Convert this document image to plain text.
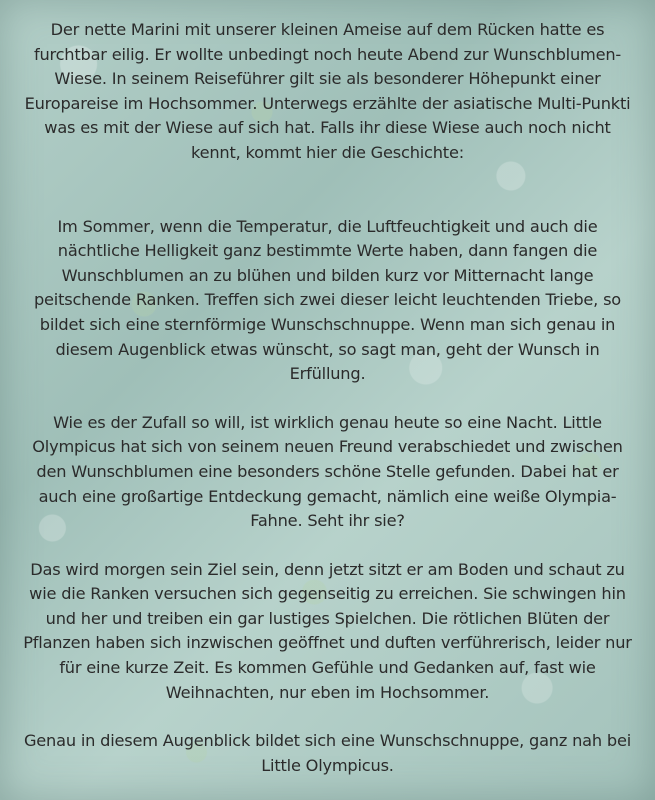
Der nette Marini mit unserer kleinen Ameise auf dem Rücken hatte es furchtbar eilig. Er wollte unbedingt noch heute Abend zur Wunschblumen-Wiese. In seinem Reiseführer gilt sie als besonderer Höhepunkt einer Europareise im Hochsommer. Unterwegs erzählte der asiatische Multi-Punkti was es mit der Wiese auf sich hat. Falls ihr diese Wiese auch noch nicht kennt, kommt hier die Geschichte:

Im Sommer, wenn die Temperatur, die Luftfeuchtigkeit und auch die nächtliche Helligkeit ganz bestimmte Werte haben, dann fangen die Wunschblumen an zu blühen und bilden kurz vor Mitternacht lange peitschende Ranken. Treffen sich zwei dieser leicht leuchtenden Triebe, so bildet sich eine sternförmige Wunschschnuppe. Wenn man sich genau in diesem Augenblick etwas wünscht, so sagt man, geht der Wunsch in Erfüllung.

Wie es der Zufall so will, ist wirklich genau heute so eine Nacht. Little Olympicus hat sich von seinem neuen Freund verabschiedet und zwischen den Wunschblumen eine besonders schöne Stelle gefunden. Dabei hat er auch eine großartige Entdeckung gemacht, nämlich eine weiße Olympia-Fahne. Seht ihr sie?

Das wird morgen sein Ziel sein, denn jetzt sitzt er am Boden und schaut zu wie die Ranken versuchen sich gegenseitig zu erreichen. Sie schwingen hin und her und treiben ein gar lustiges Spielchen. Die rötlichen Blüten der Pflanzen haben sich inzwischen geöffnet und duften verführerisch, leider nur für eine kurze Zeit. Es kommen Gefühle und Gedanken auf, fast wie Weihnachten, nur eben im Hochsommer.

Genau in diesem Augenblick bildet sich eine Wunschschnuppe, ganz nah bei Little Olympicus.
